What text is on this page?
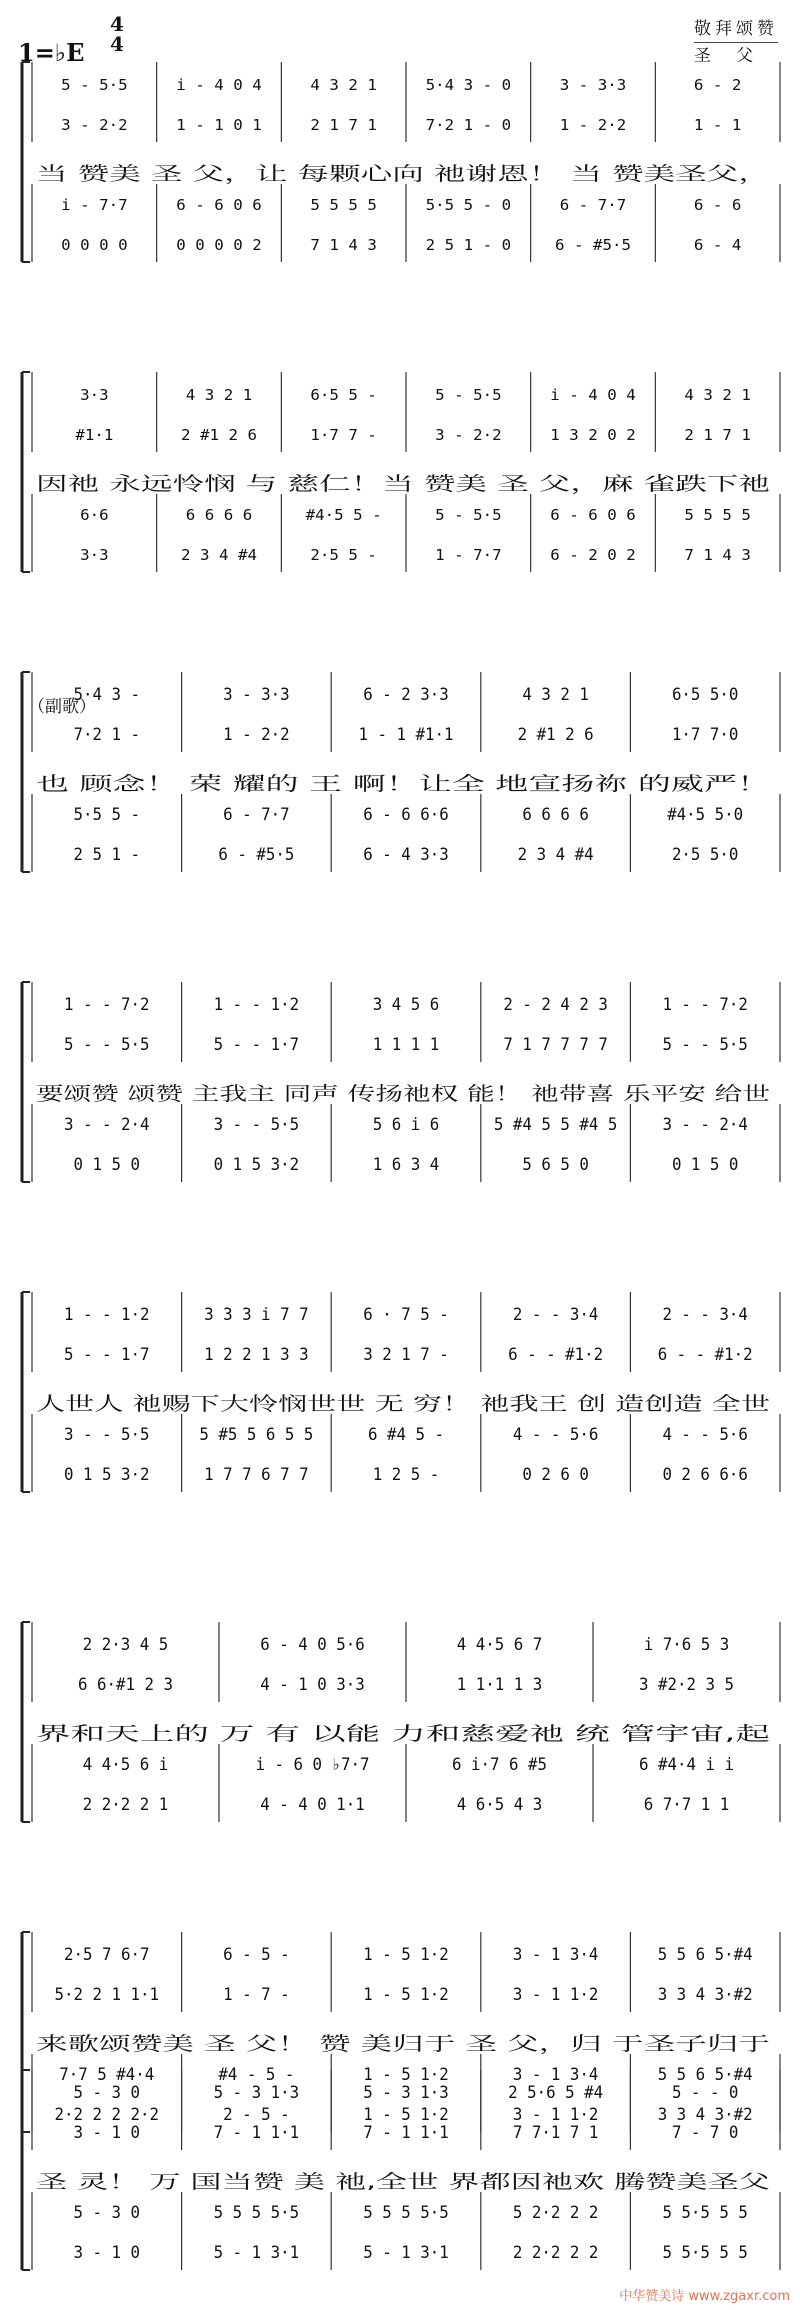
1=♭E
4
4
敬拜颂赞
圣　父
（副歌）
5 - 5·5
3 - 2·2
i - 7·7
0 0 0 0
i - 4 0 4
1 - 1 0 1
6 - 6 0 6
0 0 0 0 2
4 3 2 1
2 1 7 1
5 5 5 5
7 1 4 3
5·4 3 - 0
7·2 1 - 0
5·5 5 - 0
2 5 1 - 0
3 - 3·3
1 - 2·2
6 - 7·7
6 - #5·5
6 - 2
1 - 1
6 - 6
6 - 4
当 赞美 圣 父，让 每颗心向 祂谢恩！ 当 赞美圣父，
3·3
#1·1
6·6
3·3
4 3 2 1
2 #1 2 6
6 6 6 6
2 3 4 #4
6·5 5 -
1·7 7 -
#4·5 5 -
2·5 5 -
5 - 5·5
3 - 2·2
5 - 5·5
1 - 7·7
i - 4 0 4
1 3 2 0 2
6 - 6 0 6
6 - 2 0 2
4 3 2 1
2 1 7 1
5 5 5 5
7 1 4 3
因祂 永远怜悯 与 慈仁！当 赞美 圣 父，麻 雀跌下祂
5·4 3 -
7·2 1 -
5·5 5 -
2 5 1 -
3 - 3·3
1 - 2·2
6 - 7·7
6 - #5·5
6 - 2 3·3
1 - 1 #1·1
6 - 6 6·6
6 - 4 3·3
4 3 2 1
2 #1 2 6
6 6 6 6
2 3 4 #4
6·5 5·0
1·7 7·0
#4·5 5·0
2·5 5·0
也 顾念！ 荣 耀的 王 啊！让全 地宣扬祢 的威严！
1 - - 7·2
5 - - 5·5
3 - - 2·4
0 1 5 0
1 - - 1·2
5 - - 1·7
3 - - 5·5
0 1 5 3·2
3 4 5 6
1 1 1 1
5 6 i 6
1 6 3 4
2 - 2 4 2 3
7 1 7 7 7 7
5 #4 5 5 #4 5
5 6 5 0
1 - - 7·2
5 - - 5·5
3 - - 2·4
0 1 5 0
要颂赞 颂赞 主我主 同声 传扬祂权 能！ 祂带喜 乐平安 给世
1 - - 1·2
5 - - 1·7
3 - - 5·5
0 1 5 3·2
3 3 3 i 7 7
1 2 2 1 3 3
5 #5 5 6 5 5
1 7 7 6 7 7
6 · 7 5 -
3 2 1 7 -
6 #4 5 -
1 2 5 -
2 - - 3·4
6 - - #1·2
4 - - 5·6
0 2 6 0
2 - - 3·4
6 - - #1·2
4 - - 5·6
0 2 6 6·6
人世人 祂赐下大怜悯世世 无 穷！ 祂我王 创 造创造 全世
2 2·3 4 5
6 6·#1 2 3
4 4·5 6 i
2 2·2 2 1
6 - 4 0 5·6
4 - 1 0 3·3
i - 6 0 ♭7·7
4 - 4 0 1·1
4 4·5 6 7
1 1·1 1 3
6 i·7 6 #5
4 6·5 4 3
i 7·6 5 3
3 #2·2 3 5
6 #4·4 i i
6 7·7 1 1
界和天上的 万 有 以能 力和慈爱祂 统 管宇宙,起
2·5 7 6·7
5·2 2 1 1·1
7·7 5 #4·4
2·2 2 2 2·2
6 - 5 -
1 - 7 -
#4 - 5 -
2 - 5 -
1 - 5 1·2
1 - 5 1·2
1 - 5 1·2
1 - 5 1·2
3 - 1 3·4
3 - 1 1·2
3 - 1 3·4
3 - 1 1·2
5 5 6 5·#4
3 3 4 3·#2
5 5 6 5·#4
3 3 4 3·#2
来歌颂赞美 圣 父！ 赞 美归于 圣 父，归 于圣子归于
5 - 3 0
3 - 1 0
5 - 3 0
3 - 1 0
5 - 3 1·3
7 - 1 1·1
5 5 5 5·5
5 - 1 3·1
5 - 3 1·3
7 - 1 1·1
5 5 5 5·5
5 - 1 3·1
2 5·6 5 #4
7 7·1 7 1
5 2·2 2 2
2 2·2 2 2
5 - - 0
7 - 7 0
5 5·5 5 5
5 5·5 5 5
圣 灵！ 万 国当赞 美 祂,全世 界都因祂欢 腾赞美圣父
中华赞美诗 www.zgaxr.com
